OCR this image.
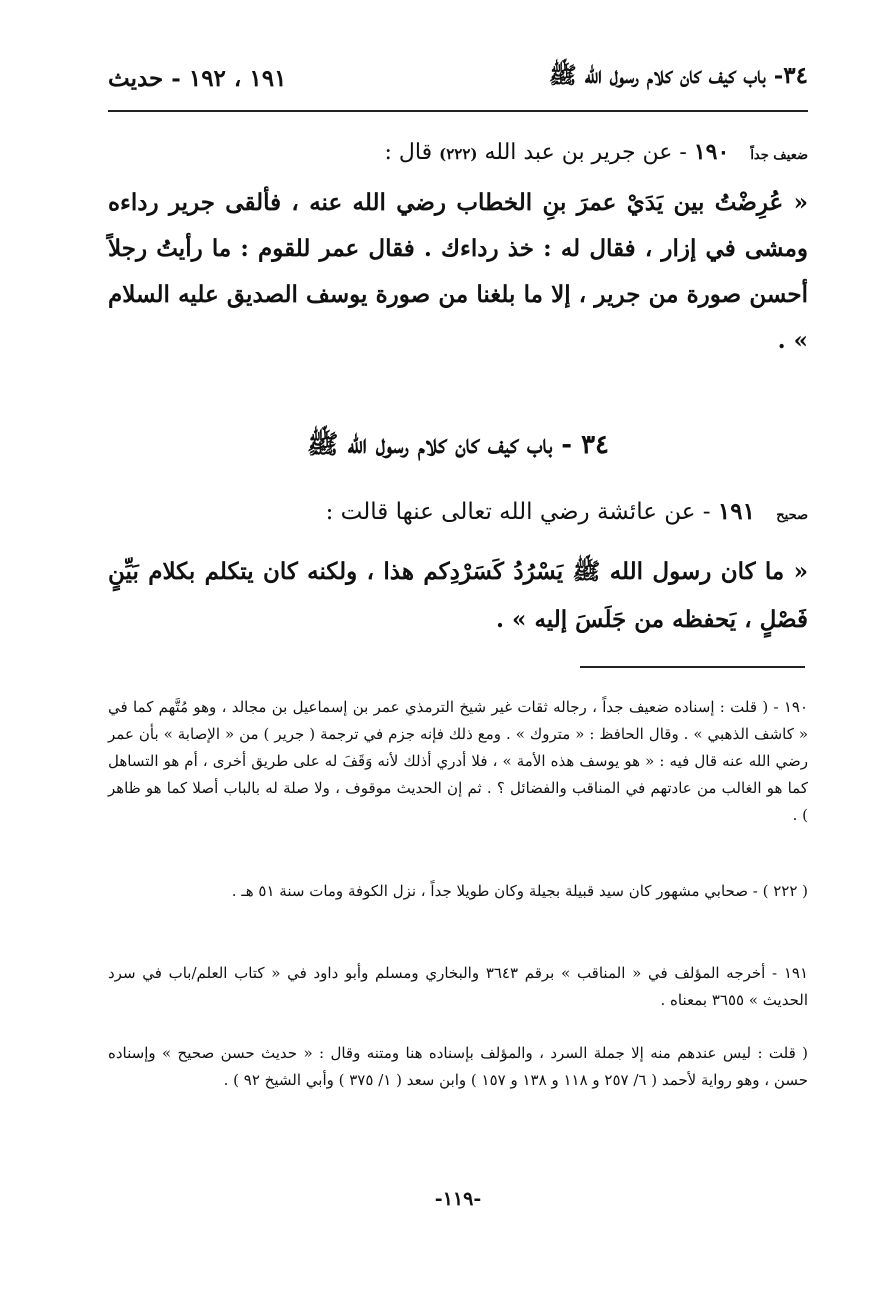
٣٤- باب كيف كان كلام رسول الله ﷺ
١٩١ ، ١٩٢ - حديث
ضعيف جداً ١٩٠ - عن جرير بن عبد الله (٢٢٢) قال :
« عُرِضْتُ بين يَدَيْ عمرَ بنِ الخطاب رضي الله عنه ، فألقى جرير رداءه ومشى في إزار ، فقال له : خذ رداءك . فقال عمر للقوم : ما رأيتُ رجلاً أحسن صورة من جرير ، إلا ما بلغنا من صورة يوسف الصديق عليه السلام » .
٣٤ - باب كيف كان كلام رسول الله ﷺ
صحيح ١٩١ - عن عائشة رضي الله تعالى عنها قالت :
« ما كان رسول الله ﷺ يَسْرُدُ كَسَرْدِكم هذا ، ولكنه كان يتكلم بكلام بَيِّنٍ فَصْلٍ ، يَحفظه من جَلَسَ إليه » .
١٩٠ - ( قلت : إسناده ضعيف جداً ، رجاله ثقات غير شيخ الترمذي عمر بن إسماعيل بن مجالد ، وهو مُتَّهم كما في « كاشف الذهبي » . وقال الحافظ : « متروك » . ومع ذلك فإنه جزم في ترجمة ( جرير ) من « الإصابة » بأن عمر رضي الله عنه قال فيه : « هو يوسف هذه الأمة » ، فلا أدري أذلك لأنه وَقَفَ له على طريق أخرى ، أم هو التساهل كما هو الغالب من عادتهم في المناقب والفضائل ؟ . ثم إن الحديث موقوف ، ولا صلة له بالباب أصلا كما هو ظاهر ) .
( ٢٢٢ ) - صحابي مشهور كان سيد قبيلة بجيلة وكان طويلا جداً ، نزل الكوفة ومات سنة ٥١ هـ .
١٩١ - أخرجه المؤلف في « المناقب » برقم ٣٦٤٣ والبخاري ومسلم وأبو داود في « كتاب العلم/باب في سرد الحديث » ٣٦٥٥ بمعناه .
( قلت : ليس عندهم منه إلا جملة السرد ، والمؤلف بإسناده هنا ومتنه وقال : « حديث حسن صحيح » وإسناده حسن ، وهو رواية لأحمد ( ٦/ ٢٥٧ و ١١٨ و ١٣٨ و ١٥٧ ) وابن سعد ( ١/ ٣٧٥ ) وأبي الشيخ ٩٢ ) .
-١١٩-
